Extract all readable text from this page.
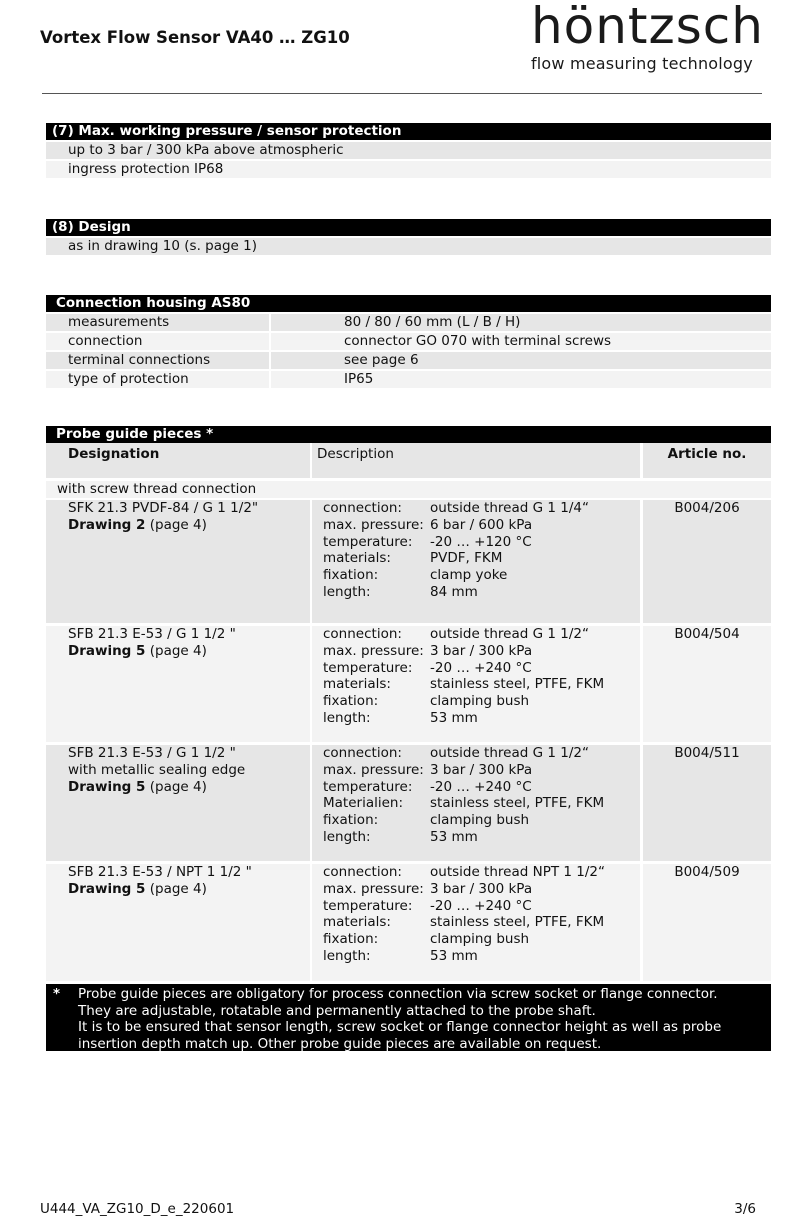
Vortex Flow Sensor VA40 … ZG10	höntzsch
flow measuring technology
(7) Max. working pressure / sensor protection
up to 3 bar / 300 kPa above atmospheric
ingress protection IP68
(8) Design
as in drawing 10 (s. page 1)
Connection housing AS80
measurements	80 / 80 / 60 mm (L / B / H)
connection	connector GO 070 with terminal screws
terminal connections	see page 6
type of protection	IP65
Probe guide pieces *
Designation	Description	Article no.
with screw thread connection
SFK 21.3 PVDF-84 / G 1 1/2"
Drawing 2 (page 4)
connection:	outside thread G 1 1/4“
max. pressure: 6 bar / 600 kPa
temperature:	-20 … +120 °C
materials:	PVDF, FKM
fixation:	clamp yoke
length:	84 mm
B004/206
SFB 21.3 E-53 / G 1 1/2 "
Drawing 5 (page 4)
connection:	outside thread G 1 1/2“
max. pressure: 3 bar / 300 kPa
temperature:	-20 … +240 °C
materials:	stainless steel, PTFE, FKM
fixation:	clamping bush
length:	53 mm
B004/504
SFB 21.3 E-53 / G 1 1/2 "
with metallic sealing edge
Drawing 5 (page 4)
connection:	outside thread G 1 1/2“
max. pressure: 3 bar / 300 kPa
temperature:	-20 … +240 °C
Materialien:	stainless steel, PTFE, FKM
fixation:	clamping bush
length:	53 mm
B004/511
SFB 21.3 E-53 / NPT 1 1/2 "
Drawing 5 (page 4)
connection:	outside thread NPT 1 1/2“
max. pressure: 3 bar / 300 kPa
temperature:	-20 … +240 °C
materials:	stainless steel, PTFE, FKM
fixation:	clamping bush
length:	53 mm
B004/509
* Probe guide pieces are obligatory for process connection via screw socket or flange connector.
They are adjustable, rotatable and permanently attached to the probe shaft.
It is to be ensured that sensor length, screw socket or flange connector height as well as probe
insertion depth match up. Other probe guide pieces are available on request.
U444_VA_ZG10_D_e_220601	3/6
